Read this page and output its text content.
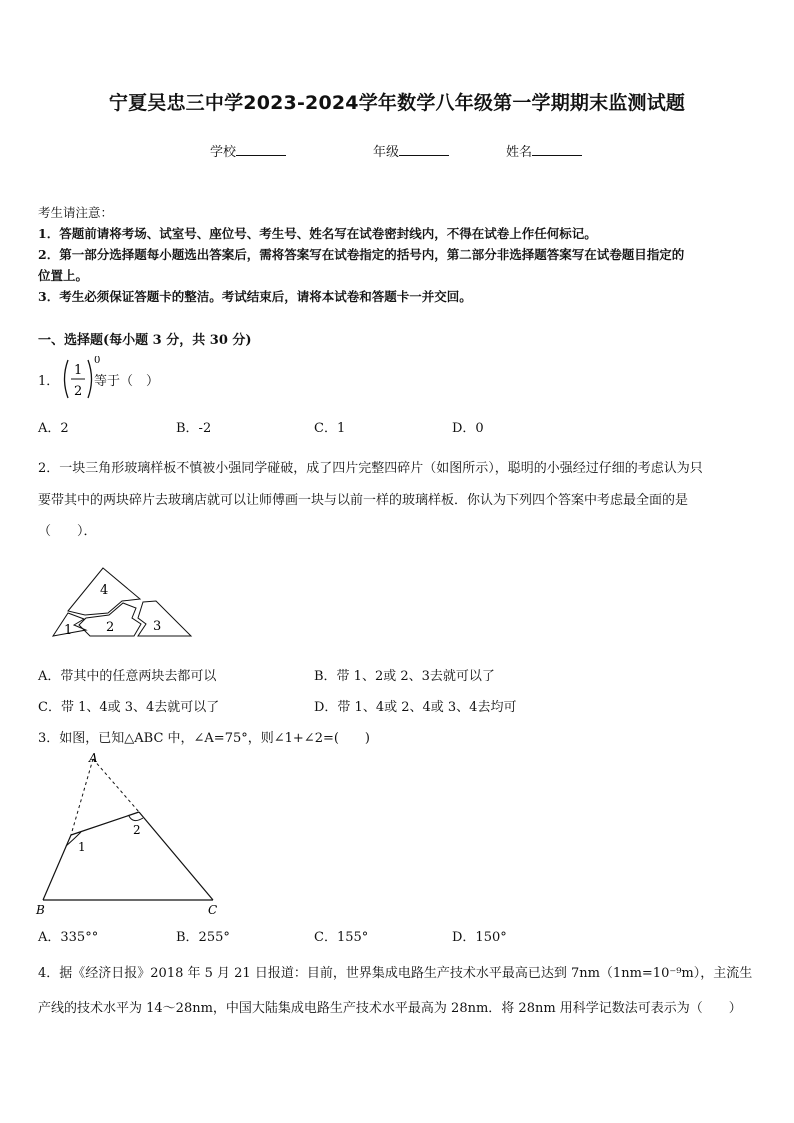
宁夏吴忠三中学2023-2024学年数学八年级第一学期期末监测试题
学校	年级	姓名
考生请注意：
1．答题前请将考场、试室号、座位号、考生号、姓名写在试卷密封线内，不得在试卷上作任何标记。
2．第一部分选择题每小题选出答案后，需将答案写在试卷指定的括号内，第二部分非选择题答案写在试卷题目指定的
位置上。
3．考生必须保证答题卡的整洁。考试结束后，请将本试卷和答题卡一并交回。
一、选择题(每小题 3 分，共 30 分)
1．
1
2
0
等于（　）
A．2	B．-2	C．1	D．0
2．一块三角形玻璃样板不慎被小强同学碰破，成了四片完整四碎片（如图所示），聪明的小强经过仔细的考虑认为只
要带其中的两块碎片去玻璃店就可以让师傅画一块与以前一样的玻璃样板．你认为下列四个答案中考虑最全面的是
（　　）．
4
1	2	3
A．带其中的任意两块去都可以	B．带 1、2或 2、3去就可以了
C．带 1、4或 3、4去就可以了	D．带 1、4或 2、4或 3、4去均可
3．如图，已知△ABC 中，∠A=75°，则∠1+∠2=(　　)
A
B	C
1
2
A．335°°	B．255°	C．155°	D．150°
4．据《经济日报》2018 年 5 月 21 日报道：目前，世界集成电路生产技术水平最高已达到 7nm（1nm=10⁻⁹m），主流生
产线的技术水平为 14～28nm，中国大陆集成电路生产技术水平最高为 28nm．将 28nm 用科学记数法可表示为（　　）
